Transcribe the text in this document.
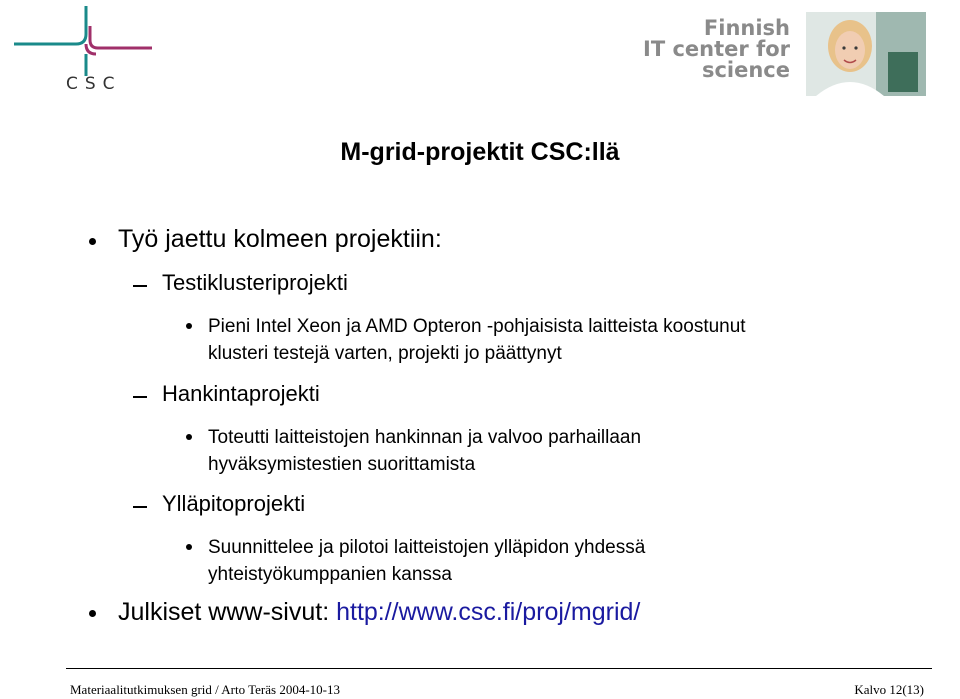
CSC
Finnish
IT center for
science
M-grid-projektit CSC:llä
Työ jaettu kolmeen projektiin:
Testiklusteriprojekti
Pieni Intel Xeon ja AMD Opteron -pohjaisista laitteista koostunut
klusteri testejä varten, projekti jo päättynyt
Hankintaprojekti
Toteutti laitteistojen hankinnan ja valvoo parhaillaan
hyväksymistestien suorittamista
Ylläpitoprojekti
Suunnittelee ja pilotoi laitteistojen ylläpidon yhdessä
yhteistyökumppanien kanssa
Julkiset www-sivut: http://www.csc.fi/proj/mgrid/
Materiaalitutkimuksen grid / Arto Teräs 2004-10-13	Kalvo 12(13)
